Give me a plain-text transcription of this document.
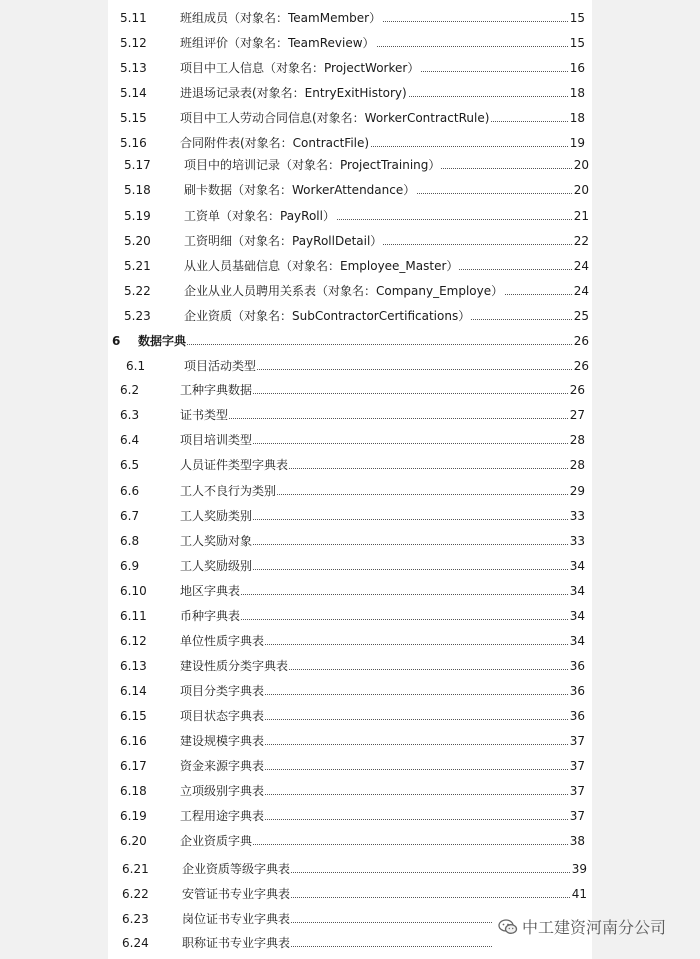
5.11	班组成员（对象名：TeamMember）	15
5.12	班组评价（对象名：TeamReview）	15
5.13	项目中工人信息（对象名：ProjectWorker）	16
5.14	进退场记录表(对象名：EntryExitHistory)	18
5.15	项目中工人劳动合同信息(对象名：WorkerContractRule)	18
5.16	合同附件表(对象名：ContractFile)	19
5.17	项目中的培训记录（对象名：ProjectTraining）	20
5.18	刷卡数据（对象名：WorkerAttendance）	20
5.19	工资单（对象名：PayRoll）	21
5.20	工资明细（对象名：PayRollDetail）	22
5.21	从业人员基础信息（对象名：Employee_Master）	24
5.22	企业从业人员聘用关系表（对象名：Company_Employe）	24
5.23	企业资质（对象名：SubContractorCertifications）	25
6 数据字典	26
6.1	项目活动类型	26
6.2	工种字典数据	26
6.3	证书类型	27
6.4	项目培训类型	28
6.5	人员证件类型字典表	28
6.6	工人不良行为类别	29
6.7	工人奖励类别	33
6.8	工人奖励对象	33
6.9	工人奖励级别	34
6.10	地区字典表	34
6.11	币种字典表	34
6.12	单位性质字典表	34
6.13	建设性质分类字典表	36
6.14	项目分类字典表	36
6.15	项目状态字典表	36
6.16	建设规模字典表	37
6.17	资金来源字典表	37
6.18	立项级别字典表	37
6.19	工程用途字典表	37
6.20	企业资质字典	38
6.21	企业资质等级字典表	39
6.22	安管证书专业字典表	41
6.23	岗位证书专业字典表
6.24	职称证书专业字典表
中工建资河南分公司
